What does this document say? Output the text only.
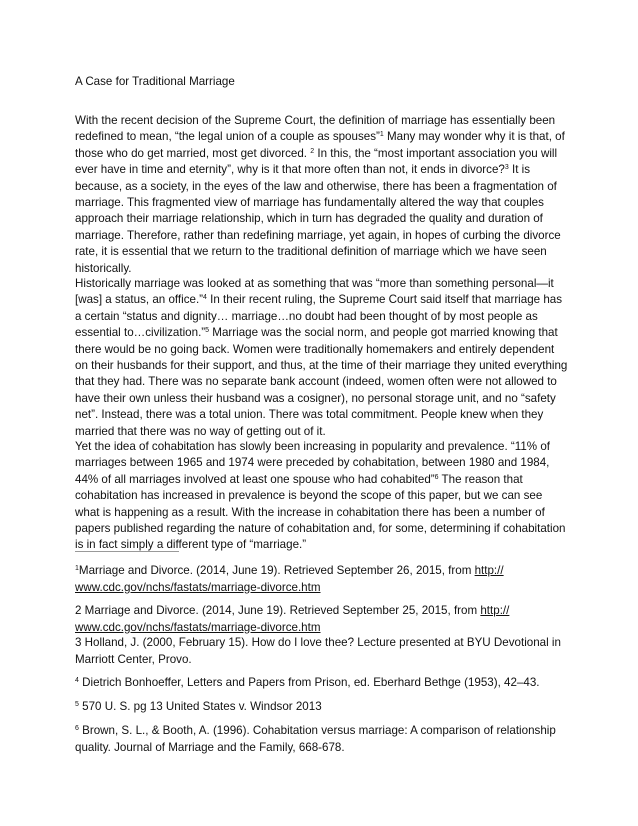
A Case for Traditional Marriage
With the recent decision of the Supreme Court, the definition of marriage has essentially been
redefined to mean, “the legal union of a couple as spouses”$^1$ Many may wonder why it is that, of
those who do get married, most get divorced. $^2$ In this, the “most important association you will
ever have in time and eternity”, why is it that more often than not, it ends in divorce?$^3$ It is
because, as a society, in the eyes of the law and otherwise, there has been a fragmentation of
marriage. This fragmented view of marriage has fundamentally altered the way that couples
approach their marriage relationship, which in turn has degraded the quality and duration of
marriage. Therefore, rather than redefining marriage, yet again, in hopes of curbing the divorce
rate, it is essential that we return to the traditional definition of marriage which we have seen
historically.
Historically marriage was looked at as something that was “more than something personal—it
[was] a status, an office.”$^4$ In their recent ruling, the Supreme Court said itself that marriage has
a certain “status and dignity… marriage…no doubt had been thought of by most people as
essential to…civilization.”$^5$ Marriage was the social norm, and people got married knowing that
there would be no going back. Women were traditionally homemakers and entirely dependent
on their husbands for their support, and thus, at the time of their marriage they united everything
that they had. There was no separate bank account (indeed, women often were not allowed to
have their own unless their husband was a cosigner), no personal storage unit, and no “safety
net”. Instead, there was a total union. There was total commitment. People knew when they
married that there was no way of getting out of it.
Yet the idea of cohabitation has slowly been increasing in popularity and prevalence. “11% of
marriages between 1965 and 1974 were preceded by cohabitation, between 1980 and 1984,
44% of all marriages involved at least one spouse who had cohabited”$^6$ The reason that
cohabitation has increased in prevalence is beyond the scope of this paper, but we can see
what is happening as a result. With the increase in cohabitation there has been a number of
papers published regarding the nature of cohabitation and, for some, determining if cohabitation
is in fact simply a different type of “marriage.”
$^1$Marriage and Divorce. (2014, June 19). Retrieved September 26, 2015, from http://
www.cdc.gov/nchs/fastats/marriage-divorce.htm
2 Marriage and Divorce. (2014, June 19). Retrieved September 25, 2015, from http://
www.cdc.gov/nchs/fastats/marriage-divorce.htm
3 Holland, J. (2000, February 15). How do I love thee? Lecture presented at BYU Devotional in
Marriott Center, Provo.
$^4$ Dietrich Bonhoeffer, Letters and Papers from Prison, ed. Eberhard Bethge (1953), 42–43.
$^5$ 570 U. S. pg 13 United States v. Windsor 2013
$^6$ Brown, S. L., & Booth, A. (1996). Cohabitation versus marriage: A comparison of relationship
quality. Journal of Marriage and the Family, 668-678.
